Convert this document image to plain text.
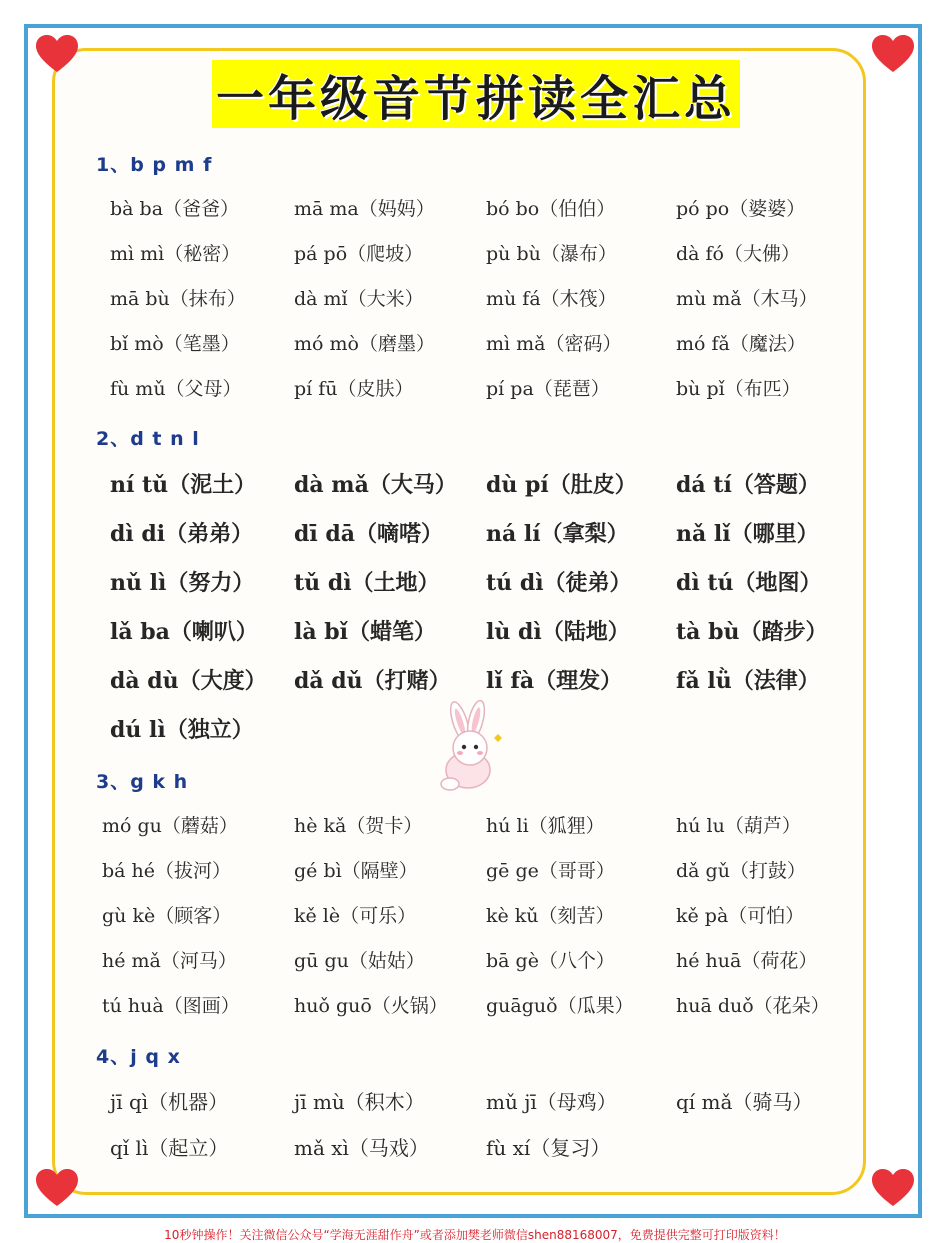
一年级音节拼读全汇总
1、b p m f
bà ba（爸爸）	mā ma（妈妈）	bó bo（伯伯）	pó po（婆婆）
mì mì（秘密）	pá pō（爬坡）	pù bù（瀑布）	dà fó（大佛）
mā bù（抹布）	dà mǐ（大米）	mù fá（木筏）	mù mǎ（木马）
bǐ mò（笔墨）	mó mò（磨墨）	mì mǎ（密码）	mó fǎ（魔法）
fù mǔ（父母）	pí fū（皮肤）	pí pa（琵琶）	bù pǐ（布匹）
2、d t n l
ní tǔ（泥土） dà mǎ（大马） dù pí（肚皮） dá tí（答题）
dì di（弟弟） dī dā（嘀嗒） ná lí（拿梨） nǎ lǐ（哪里）
nǔ lì（努力） tǔ dì（土地） tú dì（徒弟） dì tú（地图）
lǎ ba（喇叭） là bǐ（蜡笔） lù dì（陆地） tà bù（踏步）
dà dù（大度） dǎ dǔ（打赌） lǐ fà（理发） fǎ lǜ（法律）
dú lì（独立）
3、g k h
mó gu（蘑菇）	hè kǎ（贺卡）	hú li（狐狸）	hú lu（葫芦）
bá hé（拔河）	gé bì（隔壁）	gē ge（哥哥）	dǎ gǔ（打鼓）
gù kè（顾客）	kě lè（可乐）	kè kǔ（刻苦）	kě pà（可怕）
hé mǎ（河马）	gū gu（姑姑）	bā gè（八个）	hé huā（荷花）
tú huà（图画）	huǒ guō（火锅） guāguǒ（瓜果） huā duǒ（花朵）
4、j q x
jī qì（机器）	jī mù（积木）	mǔ jī（母鸡）	qí mǎ（骑马）
qǐ lì（起立）	mǎ xì（马戏）	fù xí（复习）
10秒钟操作！关注微信公众号“学海无涯甜作舟”或者添加樊老师微信shen88168007，免费提供完整可打印版资料！
